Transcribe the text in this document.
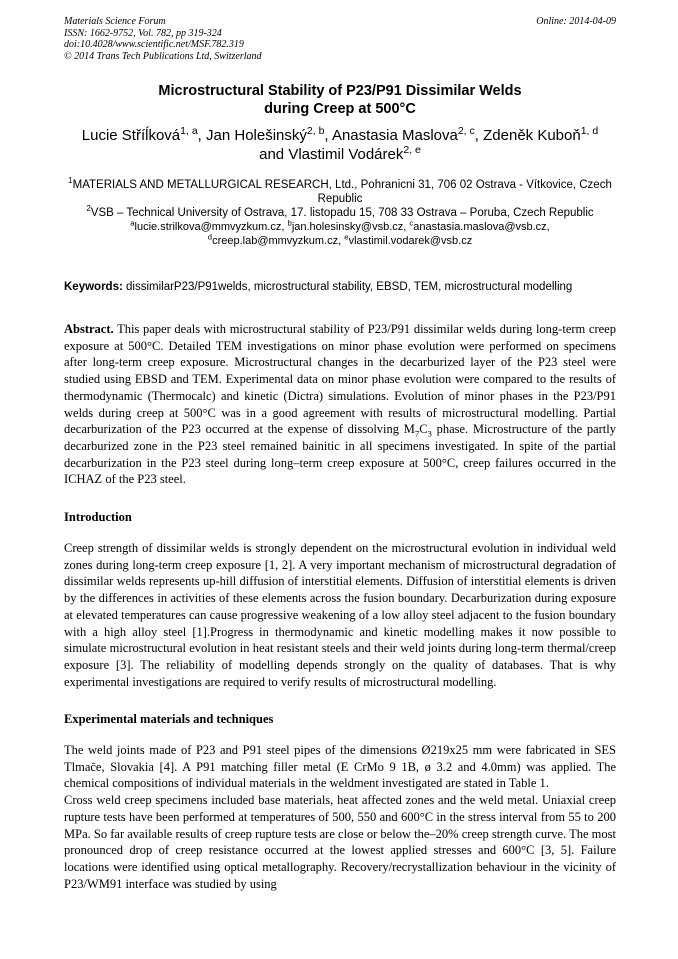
Materials Science Forum
ISSN: 1662-9752, Vol. 782, pp 319-324
doi:10.4028/www.scientific.net/MSF.782.319
© 2014 Trans Tech Publications Ltd, Switzerland
Online: 2014-04-09
Microstructural Stability of P23/P91 Dissimilar Welds
during Creep at 500°C
Lucie Stříĺková$^{1, a}$, Jan Holešinský$^{2, b}$, Anastasia Maslova$^{2, c}$, Zdeněk Kuboň$^{1, d}$
and Vlastimil Vodárek$^{2, e}$

$^1$MATERIALS AND METALLURGICAL RESEARCH, Ltd., Pohranicni 31, 706 02 Ostrava - Vítkovice, Czech Republic

$^2$VSB – Technical University of Ostrava, 17. listopadu 15, 708 33 Ostrava – Poruba, Czech Republic

$^a$lucie.strilkova@mmvyzkum.cz, $^b$jan.holesinsky@vsb.cz, $^c$anastasia.maslova@vsb.cz,
$^d$creep.lab@mmvyzkum.cz, $^e$vlastimil.vodarek@vsb.cz

Keywords: dissimilarP23/P91welds, microstructural stability, EBSD, TEM, microstructural modelling

Abstract. This paper deals with microstructural stability of P23/P91 dissimilar welds during long-term creep exposure at 500°C. Detailed TEM investigations on minor phase evolution were performed on specimens after long-term creep exposure. Microstructural changes in the decarburized layer of the P23 steel were studied using EBSD and TEM. Experimental data on minor phase evolution were compared to the results of thermodynamic (Thermocalc) and kinetic (Dictra) simulations. Evolution of minor phases in the P23/P91 welds during creep at 500°C was in a good agreement with results of microstructural modelling. Partial decarburization of the P23 occurred at the expense of dissolving $M_7C_3$ phase. Microstructure of the partly decarburized zone in the P23 steel remained bainitic in all specimens investigated. In spite of the partial decarburization in the P23 steel during long–term creep exposure at 500°C, creep failures occurred in the ICHAZ of the P23 steel.

Introduction

Creep strength of dissimilar welds is strongly dependent on the microstructural evolution in individual weld zones during long-term creep exposure [1, 2]. A very important mechanism of microstructural degradation of dissimilar welds represents up-hill diffusion of interstitial elements. Diffusion of interstitial elements is driven by the differences in activities of these elements across the fusion boundary. Decarburization during exposure at elevated temperatures can cause progressive weakening of a low alloy steel adjacent to the fusion boundary with a high alloy steel [1].Progress in thermodynamic and kinetic modelling makes it now possible to simulate microstructural evolution in heat resistant steels and their weld joints during long-term thermal/creep exposure [3]. The reliability of modelling depends strongly on the quality of databases. That is why experimental investigations are required to verify results of microstructural modelling.

Experimental materials and techniques

The weld joints made of P23 and P91 steel pipes of the dimensions Ø219x25 mm were fabricated in SES Tlmače, Slovakia [4]. A P91 matching filler metal (E CrMo 9 1B, ø 3.2 and 4.0mm) was applied. The chemical compositions of individual materials in the weldment investigated are stated in Table 1.

Cross weld creep specimens included base materials, heat affected zones and the weld metal. Uniaxial creep rupture tests have been performed at temperatures of 500, 550 and 600°C in the stress interval from 55 to 200 MPa. So far available results of creep rupture tests are close or below the–20% creep strength curve. The most pronounced drop of creep resistance occurred at the lowest applied stresses and 600°C [3, 5]. Failure locations were identified using optical metallography. Recovery/recrystallization behaviour in the vicinity of P23/WM91 interface was studied by using
